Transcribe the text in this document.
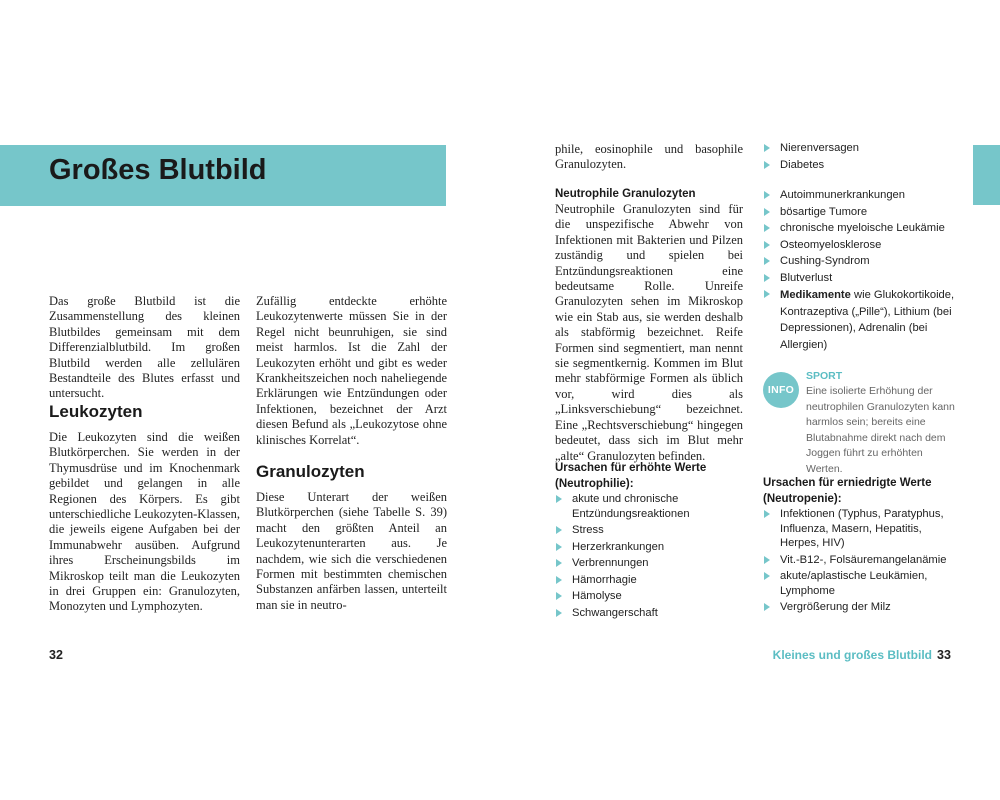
Großes Blutbild

Das große Blutbild ist die Zusammenstellung des kleinen Blutbildes gemeinsam mit dem Differenzialblutbild. Im großen Blutbild werden alle zellulären Bestandteile des Blutes erfasst und untersucht.

Leukozyten

Die Leukozyten sind die weißen Blutkörperchen. Sie werden in der Thymusdrüse und im Knochenmark gebildet und gelangen in alle Regionen des Körpers. Es gibt unterschiedliche Leukozyten-Klassen, die jeweils eigene Aufgaben bei der Immunabwehr ausüben. Aufgrund ihres Erscheinungsbilds im Mikroskop teilt man die Leukozyten in drei Gruppen ein: Granulozyten, Monozyten und Lymphozyten.

Zufällig entdeckte erhöhte Leukozytenwerte müssen Sie in der Regel nicht beunruhigen, sie sind meist harmlos. Ist die Zahl der Leukozyten erhöht und gibt es weder Krankheitszeichen noch naheliegende Erklärungen wie Entzündungen oder Infektionen, bezeichnet der Arzt diesen Befund als „Leukozytose ohne klinisches Korrelat“.

Granulozyten

Diese Unterart der weißen Blutkörperchen (siehe Tabelle S. 39) macht den größten Anteil an Leukozytenunterarten aus. Je nachdem, wie sich die verschiedenen Formen mit bestimmten chemischen Substanzen anfärben lassen, unterteilt man sie in neutro-

32

phile, eosinophile und basophile Granulozyten.

Neutrophile Granulozyten

Neutrophile Granulozyten sind für die unspezifische Abwehr von Infektionen mit Bakterien und Pilzen zuständig und spielen bei Entzündungsreaktionen eine bedeutsame Rolle. Unreife Granulozyten sehen im Mikroskop wie ein Stab aus, sie werden deshalb als stabförmig bezeichnet. Reife Formen sind segmentiert, man nennt sie segmentkernig. Kommen im Blut mehr stabförmige Formen als üblich vor, wird dies als „Linksverschiebung“ bezeichnet. Eine „Rechtsverschiebung“ hingegen bedeutet, dass sich im Blut mehr „alte“ Granulozyten befinden.

Ursachen für erhöhte Werte (Neutrophilie):
akute und chronische Entzündungsreaktionen
Stress
Herzerkrankungen
Verbrennungen
Hämorrhagie
Hämolyse
Schwangerschaft
Nierenversagen
Diabetes
Autoimmunerkrankungen
bösartige Tumore
chronische myeloische Leukämie
Osteomyelosklerose
Cushing-Syndrom
Blutverlust
Medikamente wie Glukokortikoide, Kontrazeptiva („Pille“), Lithium (bei Depressionen), Adrenalin (bei Allergien)
INFO
SPORT

Eine isolierte Erhöhung der neutrophilen Granulozyten kann harmlos sein; bereits eine Blutabnahme direkt nach dem Joggen führt zu erhöhten Werten.

Ursachen für erniedrigte Werte (Neutropenie):
Infektionen (Typhus, Paratyphus, Influenza, Masern, Hepatitis, Herpes, HIV)
Vit.-B12-, Folsäuremangelanämie
akute/aplastische Leukämien, Lymphome
Vergrößerung der Milz
Kleines und großes Blutbild 33
